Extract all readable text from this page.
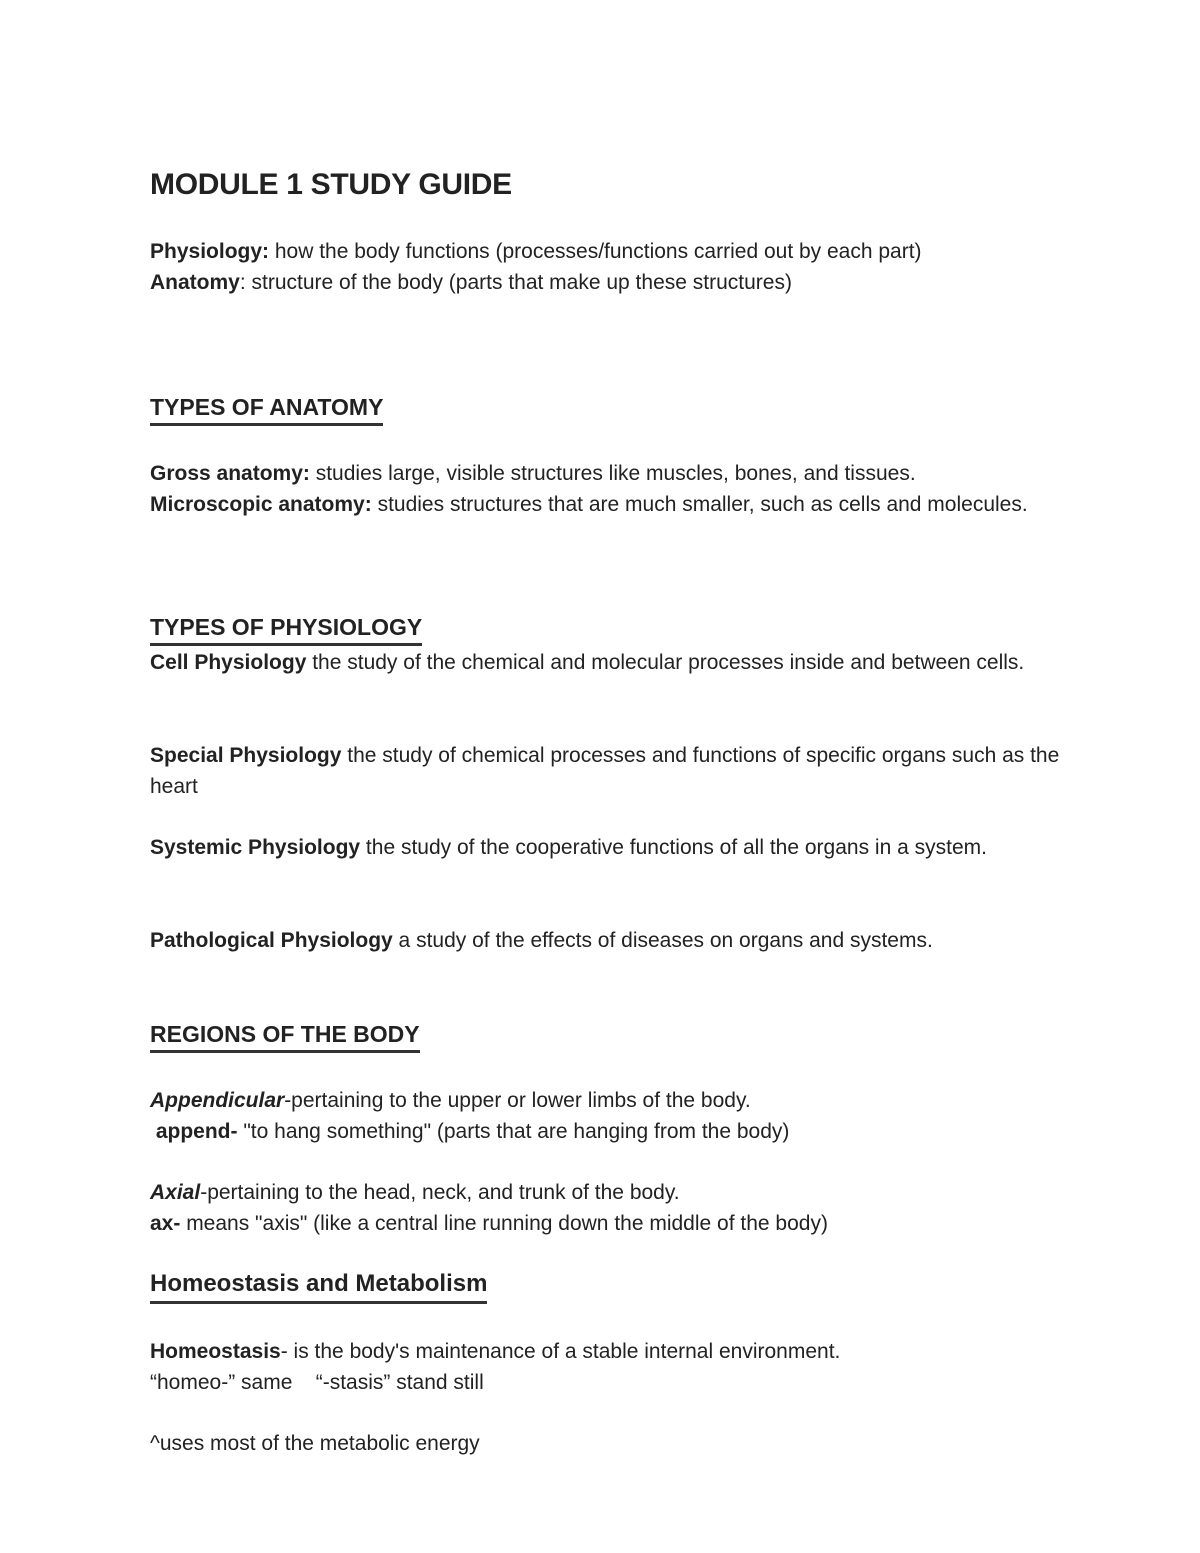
MODULE 1 STUDY GUIDE

Physiology: how the body functions (processes/functions carried out by each part)

Anatomy: structure of the body (parts that make up these structures)

TYPES OF ANATOMY

Gross anatomy: studies large, visible structures like muscles, bones, and tissues.

Microscopic anatomy: studies structures that are much smaller, such as cells and molecules.

TYPES OF PHYSIOLOGY

Cell Physiology the study of the chemical and molecular processes inside and between cells.

Special Physiology the study of chemical processes and functions of specific organs such as the heart

Systemic Physiology the study of the cooperative functions of all the organs in a system.

Pathological Physiology a study of the effects of diseases on organs and systems.

REGIONS OF THE BODY

Appendicular-pertaining to the upper or lower limbs of the body.

append- "to hang something" (parts that are hanging from the body)

Axial-pertaining to the head, neck, and trunk of the body.

ax- means "axis" (like a central line running down the middle of the body)

Homeostasis and Metabolism

Homeostasis- is the body's maintenance of a stable internal environment.

“homeo-” same    “-stasis” stand still

^uses most of the metabolic energy
